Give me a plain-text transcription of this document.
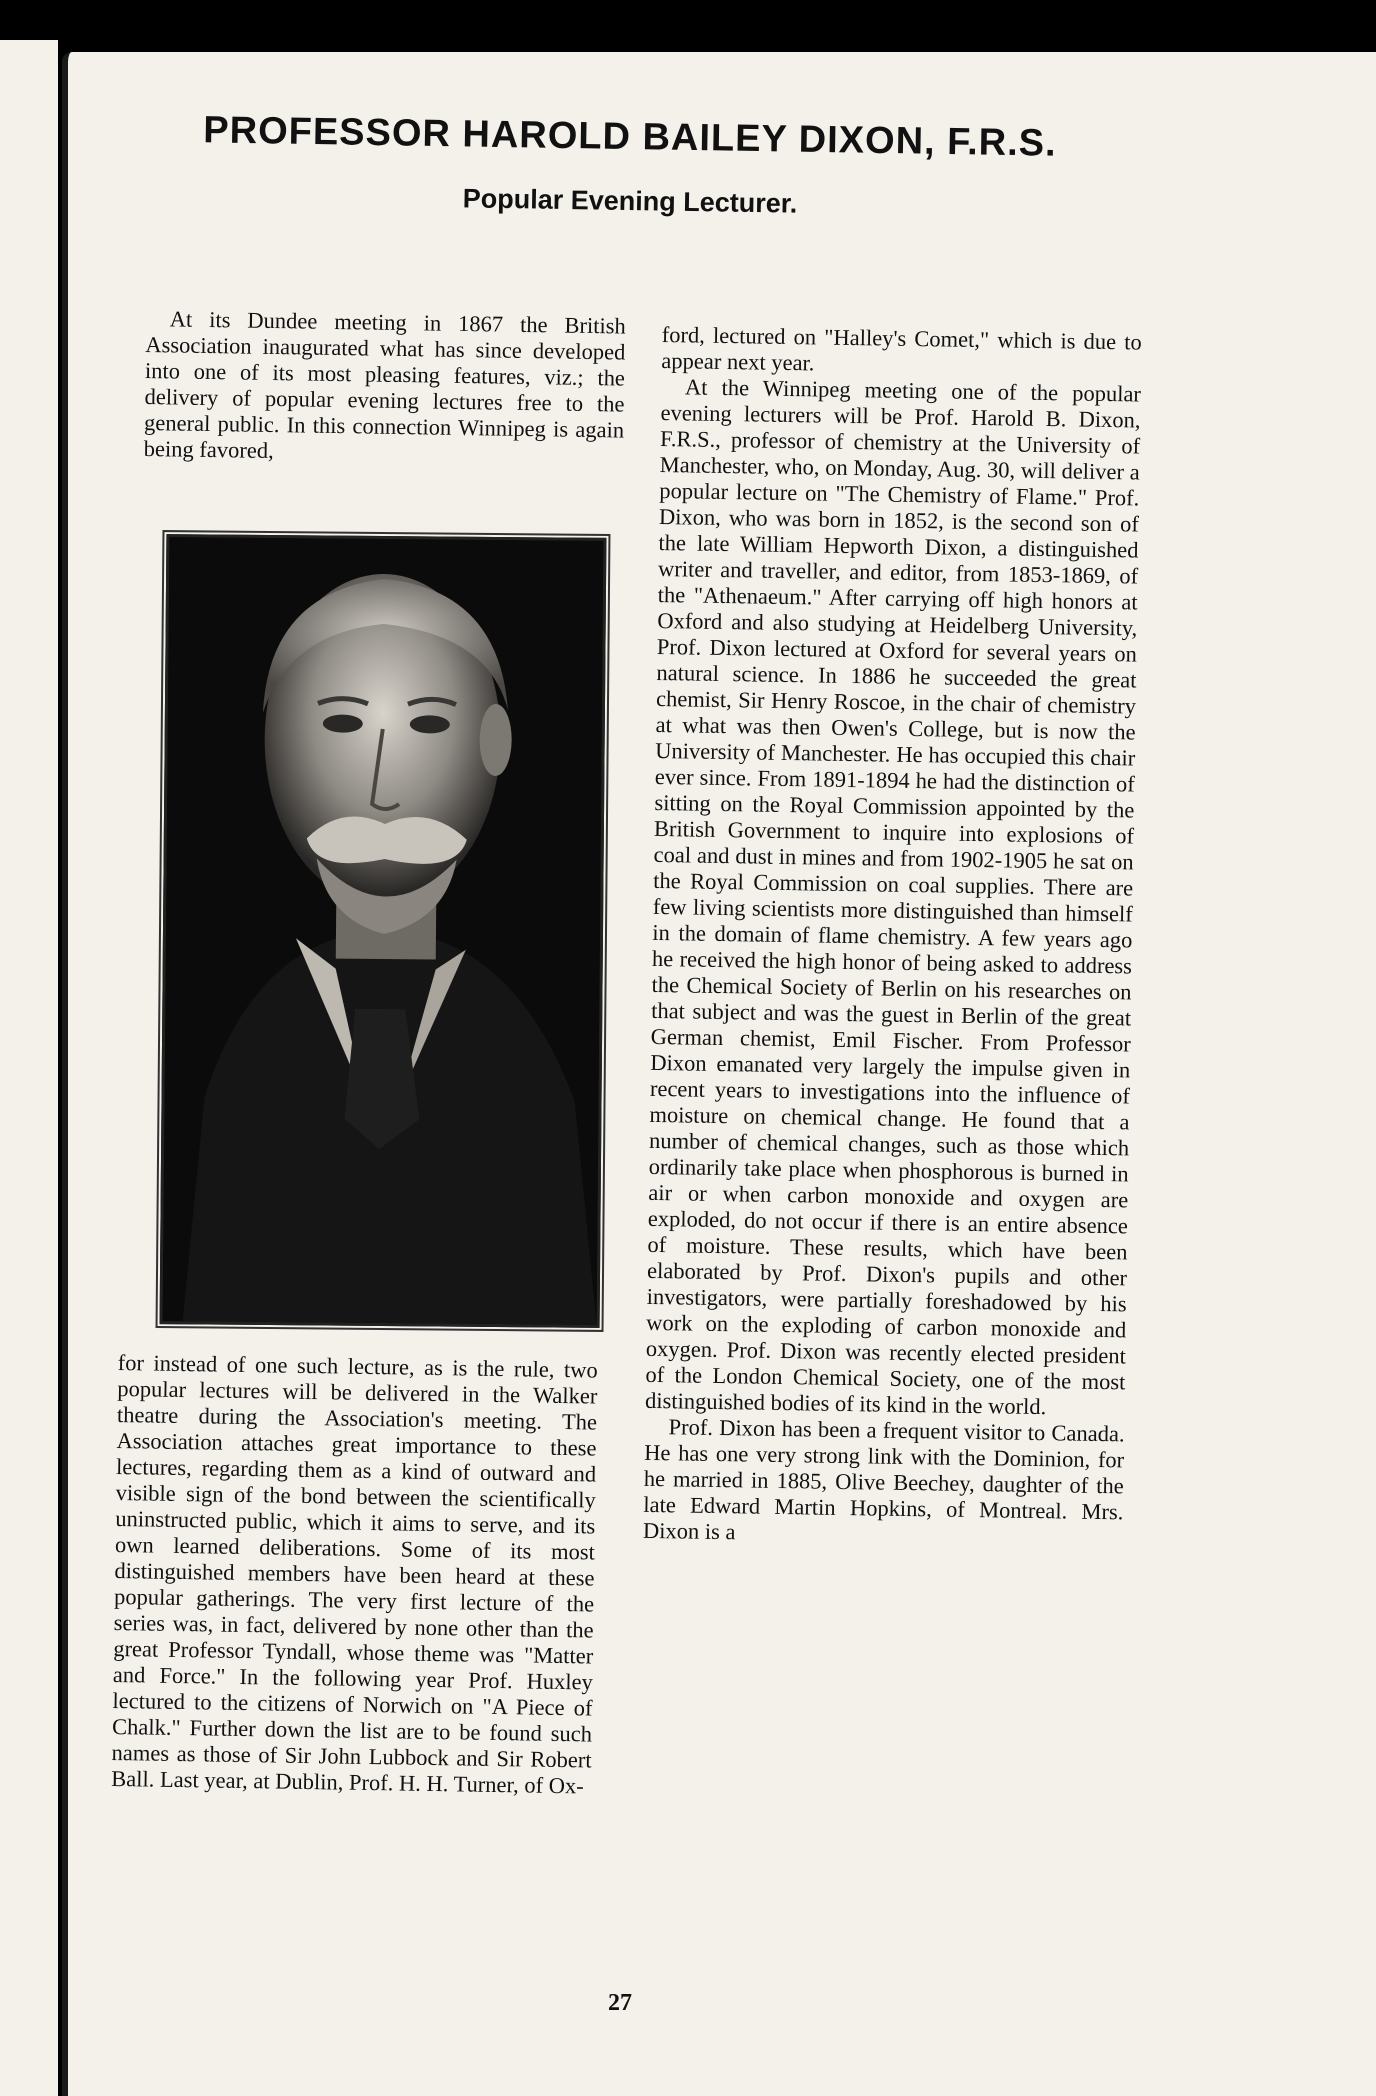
PROFESSOR HAROLD BAILEY DIXON, F.R.S.
Popular Evening Lecturer.

At its Dundee meeting in 1867 the British Association inaugurated what has since developed into one of its most pleasing features, viz.; the delivery of popular evening lectures free to the general public. In this connection Winnipeg is again being favored,

for instead of one such lecture, as is the rule, two popular lectures will be delivered in the Walker theatre during the Association's meeting. The Association attaches great importance to these lectures, regarding them as a kind of outward and visible sign of the bond between the scientifically uninstructed public, which it aims to serve, and its own learned deliberations. Some of its most distinguished members have been heard at these popular gatherings. The very first lecture of the series was, in fact, delivered by none other than the great Professor Tyndall, whose theme was "Matter and Force." In the following year Prof. Huxley lectured to the citizens of Norwich on "A Piece of Chalk." Further down the list are to be found such names as those of Sir John Lubbock and Sir Robert Ball. Last year, at Dublin, Prof. H. H. Turner, of Ox-

ford, lectured on "Halley's Comet," which is due to appear next year.

At the Winnipeg meeting one of the popular evening lecturers will be Prof. Harold B. Dixon, F.R.S., professor of chemistry at the University of Manchester, who, on Monday, Aug. 30, will deliver a popular lecture on "The Chemistry of Flame." Prof. Dixon, who was born in 1852, is the second son of the late William Hepworth Dixon, a distinguished writer and traveller, and editor, from 1853-1869, of the "Athenaeum." After carrying off high honors at Oxford and also studying at Heidelberg University, Prof. Dixon lectured at Oxford for several years on natural science. In 1886 he succeeded the great chemist, Sir Henry Roscoe, in the chair of chemistry at what was then Owen's College, but is now the University of Manchester. He has occupied this chair ever since. From 1891-1894 he had the distinction of sitting on the Royal Commission appointed by the British Government to inquire into explosions of coal and dust in mines and from 1902-1905 he sat on the Royal Commission on coal supplies. There are few living scientists more distinguished than himself in the domain of flame chemistry. A few years ago he received the high honor of being asked to address the Chemical Society of Berlin on his researches on that subject and was the guest in Berlin of the great German chemist, Emil Fischer. From Professor Dixon emanated very largely the impulse given in recent years to investigations into the influence of moisture on chemical change. He found that a number of chemical changes, such as those which ordinarily take place when phosphorous is burned in air or when carbon monoxide and oxygen are exploded, do not occur if there is an entire absence of moisture. These results, which have been elaborated by Prof. Dixon's pupils and other investigators, were partially foreshadowed by his work on the exploding of carbon monoxide and oxygen. Prof. Dixon was recently elected president of the London Chemical Society, one of the most distinguished bodies of its kind in the world.

Prof. Dixon has been a frequent visitor to Canada. He has one very strong link with the Dominion, for he married in 1885, Olive Beechey, daughter of the late Edward Martin Hopkins, of Montreal. Mrs. Dixon is a

27
